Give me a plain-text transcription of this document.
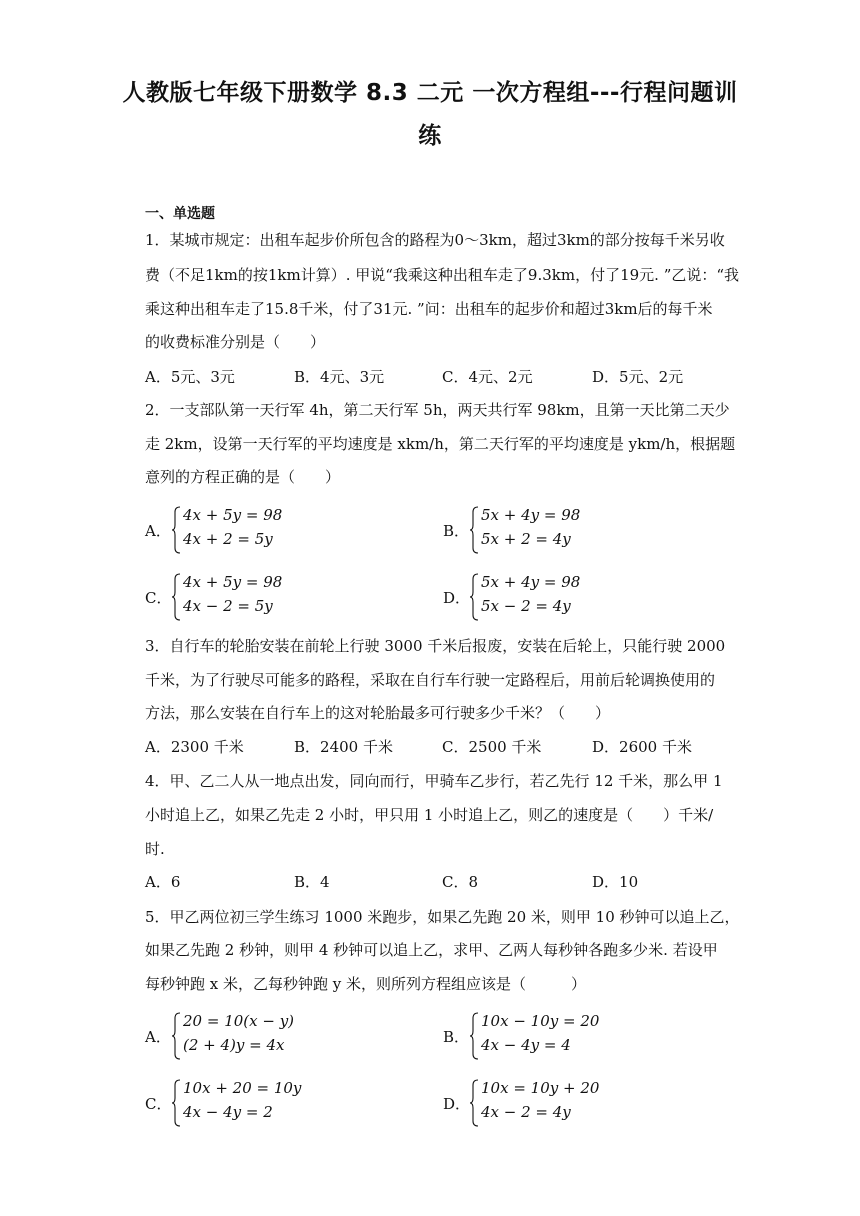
人教版七年级下册数学 8.3 二元 一次方程组---行程问题训
练
一、单选题
1．某城市规定：出租车起步价所包含的路程为0～3km，超过3km的部分按每千米另收
费（不足1km的按1km计算）. 甲说“我乘这种出租车走了9.3km，付了19元. ”乙说：“我
乘这种出租车走了15.8千米，付了31元. ”问：出租车的起步价和超过3km后的每千米
的收费标准分别是（　　）
A．5元、3元	B．4元、3元	C．4元、2元	D．5元、2元
2．一支部队第一天行军 4h，第二天行军 5h，两天共行军 98km，且第一天比第二天少
走 2km，设第一天行军的平均速度是 xkm/h，第二天行军的平均速度是 ykm/h，根据题
意列的方程正确的是（　　）
A．
4x + 5y = 98
4x + 2 = 5y	B．
5x + 4y = 98
5x + 2 = 4y
C．
4x + 5y = 98
4x − 2 = 5y	D．
5x + 4y = 98
5x − 2 = 4y
3．自行车的轮胎安装在前轮上行驶 3000 千米后报废，安装在后轮上，只能行驶 2000
千米，为了行驶尽可能多的路程，采取在自行车行驶一定路程后，用前后轮调换使用的
方法，那么安装在自行车上的这对轮胎最多可行驶多少千米？（　　）
A．2300 千米	B．2400 千米	C．2500 千米	D．2600 千米
4．甲、乙二人从一地点出发，同向而行，甲骑车乙步行，若乙先行 12 千米，那么甲 1
小时追上乙，如果乙先走 2 小时，甲只用 1 小时追上乙，则乙的速度是（　　）千米/
时.
A．6	B．4	C．8	D．10
5．甲乙两位初三学生练习 1000 米跑步，如果乙先跑 20 米，则甲 10 秒钟可以追上乙，
如果乙先跑 2 秒钟，则甲 4 秒钟可以追上乙，求甲、乙两人每秒钟各跑多少米. 若设甲
每秒钟跑 x 米，乙每秒钟跑 y 米，则所列方程组应该是（　　　）
A．
20 = 10(x − y)
(2 + 4)y = 4x	B．
10x − 10y = 20
4x − 4y = 4
C．
10x + 20 = 10y
4x − 4y = 2	D．
10x = 10y + 20
4x − 2 = 4y
